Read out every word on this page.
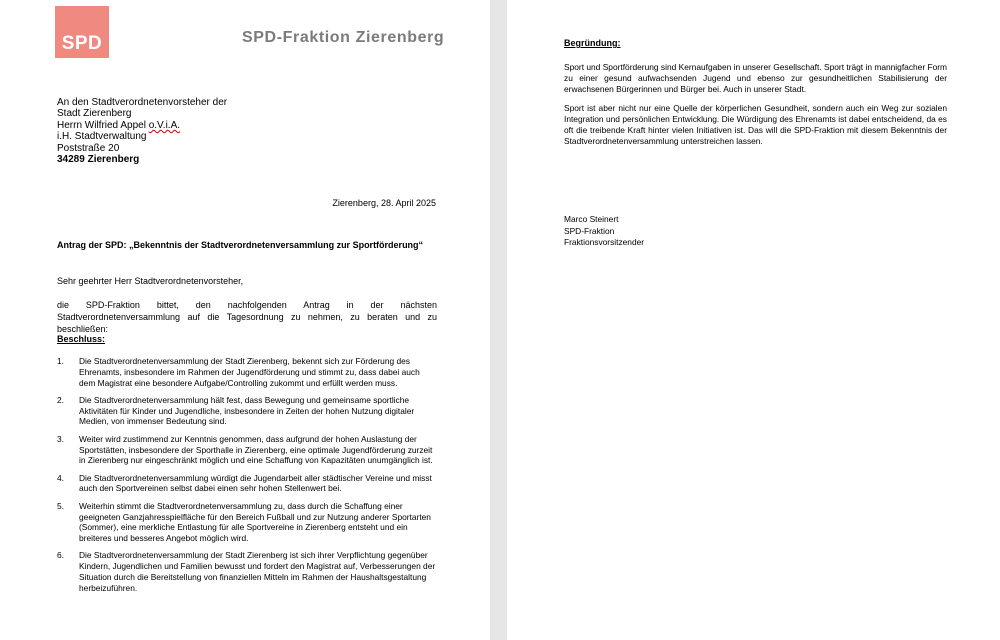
SPD	SPD-Fraktion Zierenberg
An den Stadtverordnetenvorsteher der
Stadt Zierenberg
Herrn Wilfried Appel o.V.i.A.
i.H. Stadtverwaltung
Poststraße 20
34289 Zierenberg
Zierenberg, 28. April 2025
Antrag der SPD: „Bekenntnis der Stadtverordnetenversammlung zur Sportförderung“
Sehr geehrter Herr Stadtverordnetenvorsteher,
die SPD-Fraktion bittet, den nachfolgenden Antrag in der nächsten Stadtverordnetenversammlung auf die Tagesordnung zu nehmen, zu beraten und zu beschließen:
Beschluss:
1.	Die Stadtverordnetenversammlung der Stadt Zierenberg, bekennt sich zur Förderung des Ehrenamts, insbesondere im Rahmen der Jugendförderung und stimmt zu, dass dabei auch dem Magistrat eine besondere Aufgabe/Controlling zukommt und erfüllt werden muss.
2.	Die Stadtverordnetenversammlung hält fest, dass Bewegung und gemeinsame sportliche Aktivitäten für Kinder und Jugendliche, insbesondere in Zeiten der hohen Nutzung digitaler Medien, von immenser Bedeutung sind.
3.	Weiter wird zustimmend zur Kenntnis genommen, dass aufgrund der hohen Auslastung der Sportstätten, insbesondere der Sporthalle in Zierenberg, eine optimale Jugendförderung zurzeit in Zierenberg nur eingeschränkt möglich und eine Schaffung von Kapazitäten unumgänglich ist.
4.	Die Stadtverordnetenversammlung würdigt die Jugendarbeit aller städtischer Vereine und misst auch den Sportvereinen selbst dabei einen sehr hohen Stellenwert bei.
5.	Weiterhin stimmt die Stadtverordnetenversammlung zu, dass durch die Schaffung einer geeigneten Ganzjahresspielfläche für den Bereich Fußball und zur Nutzung anderer Sportarten (Sommer), eine merkliche Entlastung für alle Sportvereine in Zierenberg entsteht und ein breiteres und besseres Angebot möglich wird.
6.	Die Stadtverordnetenversammlung der Stadt Zierenberg ist sich ihrer Verpflichtung gegenüber Kindern, Jugendlichen und Familien bewusst und fordert den Magistrat auf, Verbesserungen der Situation durch die Bereitstellung von finanziellen Mitteln im Rahmen der Haushaltsgestaltung herbeizuführen.
Begründung:
Sport und Sportförderung sind Kernaufgaben in unserer Gesellschaft. Sport trägt in mannigfacher Form zu einer gesund aufwachsenden Jugend und ebenso zur gesundheitlichen Stabilisierung der erwachsenen Bürgerinnen und Bürger bei. Auch in unserer Stadt.
Sport ist aber nicht nur eine Quelle der körperlichen Gesundheit, sondern auch ein Weg zur sozialen Integration und persönlichen Entwicklung. Die Würdigung des Ehrenamts ist dabei entscheidend, da es oft die treibende Kraft hinter vielen Initiativen ist. Das will die SPD-Fraktion mit diesem Bekenntnis der Stadtverordnetenversammlung unterstreichen lassen.
Marco Steinert
SPD-Fraktion
Fraktionsvorsitzender
